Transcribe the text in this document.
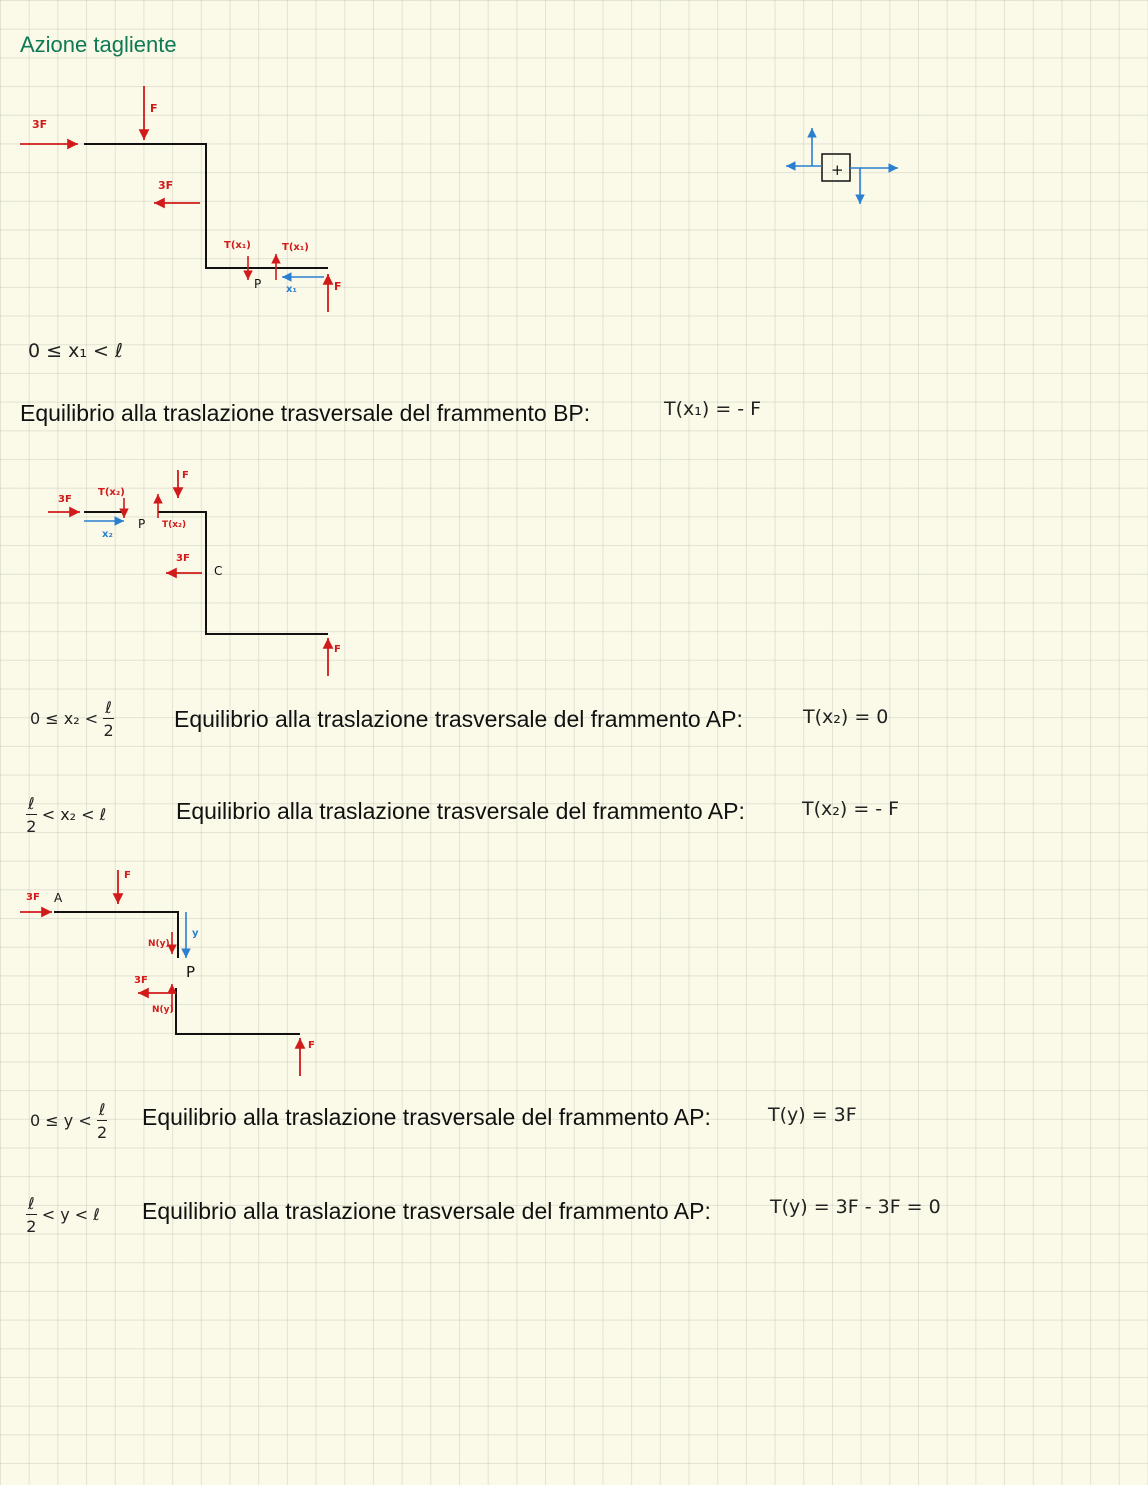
Azione tagliente
3F
F
3F
T(x₁)	T(x₁)
P x₁	F
+
3F
T(x₂)
x₂
P T(x₂)
F
3F
C
F
3F A
F
N(y)
y
P
N(y)
3F
F
0 ≤ x₁ < ℓ
Equilibrio alla traslazione trasversale del frammento BP:	T(x₁) = - F
$0 \le x_2 < \frac{\text{ℓ}}{2}$	Equilibrio alla traslazione trasversale del frammento AP:	T(x₂) = 0
$\frac{\text{ℓ}}{2} < x_2$ < ℓ	Equilibrio alla traslazione trasversale del frammento AP:	T(x₂) = - F
$0 \le y < \frac{\text{ℓ}}{2}$ Equilibrio alla traslazione trasversale del frammento AP:	T(y) = 3F
$\frac{\text{ℓ}}{2} < y$ < ℓ Equilibrio alla traslazione trasversale del frammento AP:	T(y) = 3F - 3F = 0
